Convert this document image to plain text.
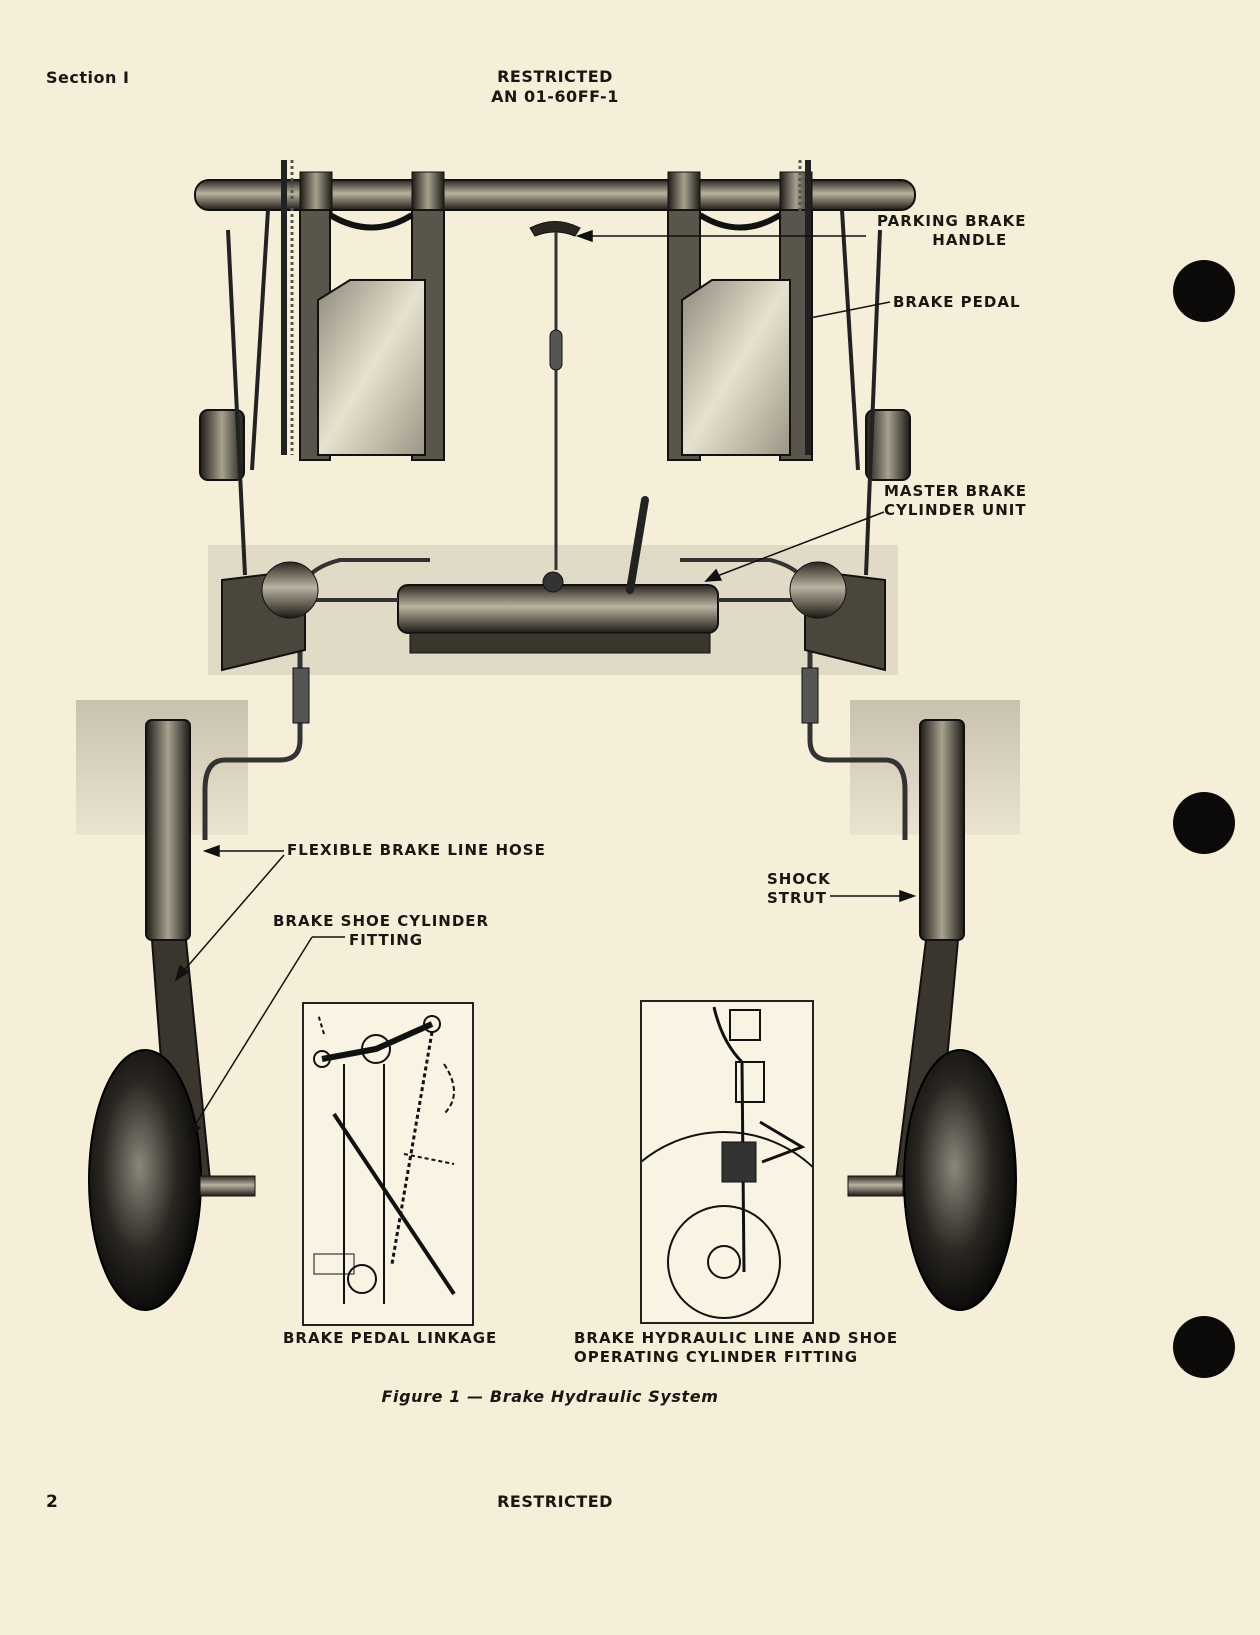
Section I	RESTRICTED
AN 01-60FF-1
PARKING BRAKE
HANDLE
BRAKE PEDAL
MASTER BRAKE
CYLINDER UNIT
FLEXIBLE BRAKE LINE HOSE
SHOCK
STRUT
BRAKE SHOE CYLINDER
FITTING
BRAKE PEDAL LINKAGE	BRAKE HYDRAULIC LINE AND SHOE
OPERATING CYLINDER FITTING
Figure 1 — Brake Hydraulic System
2	RESTRICTED
